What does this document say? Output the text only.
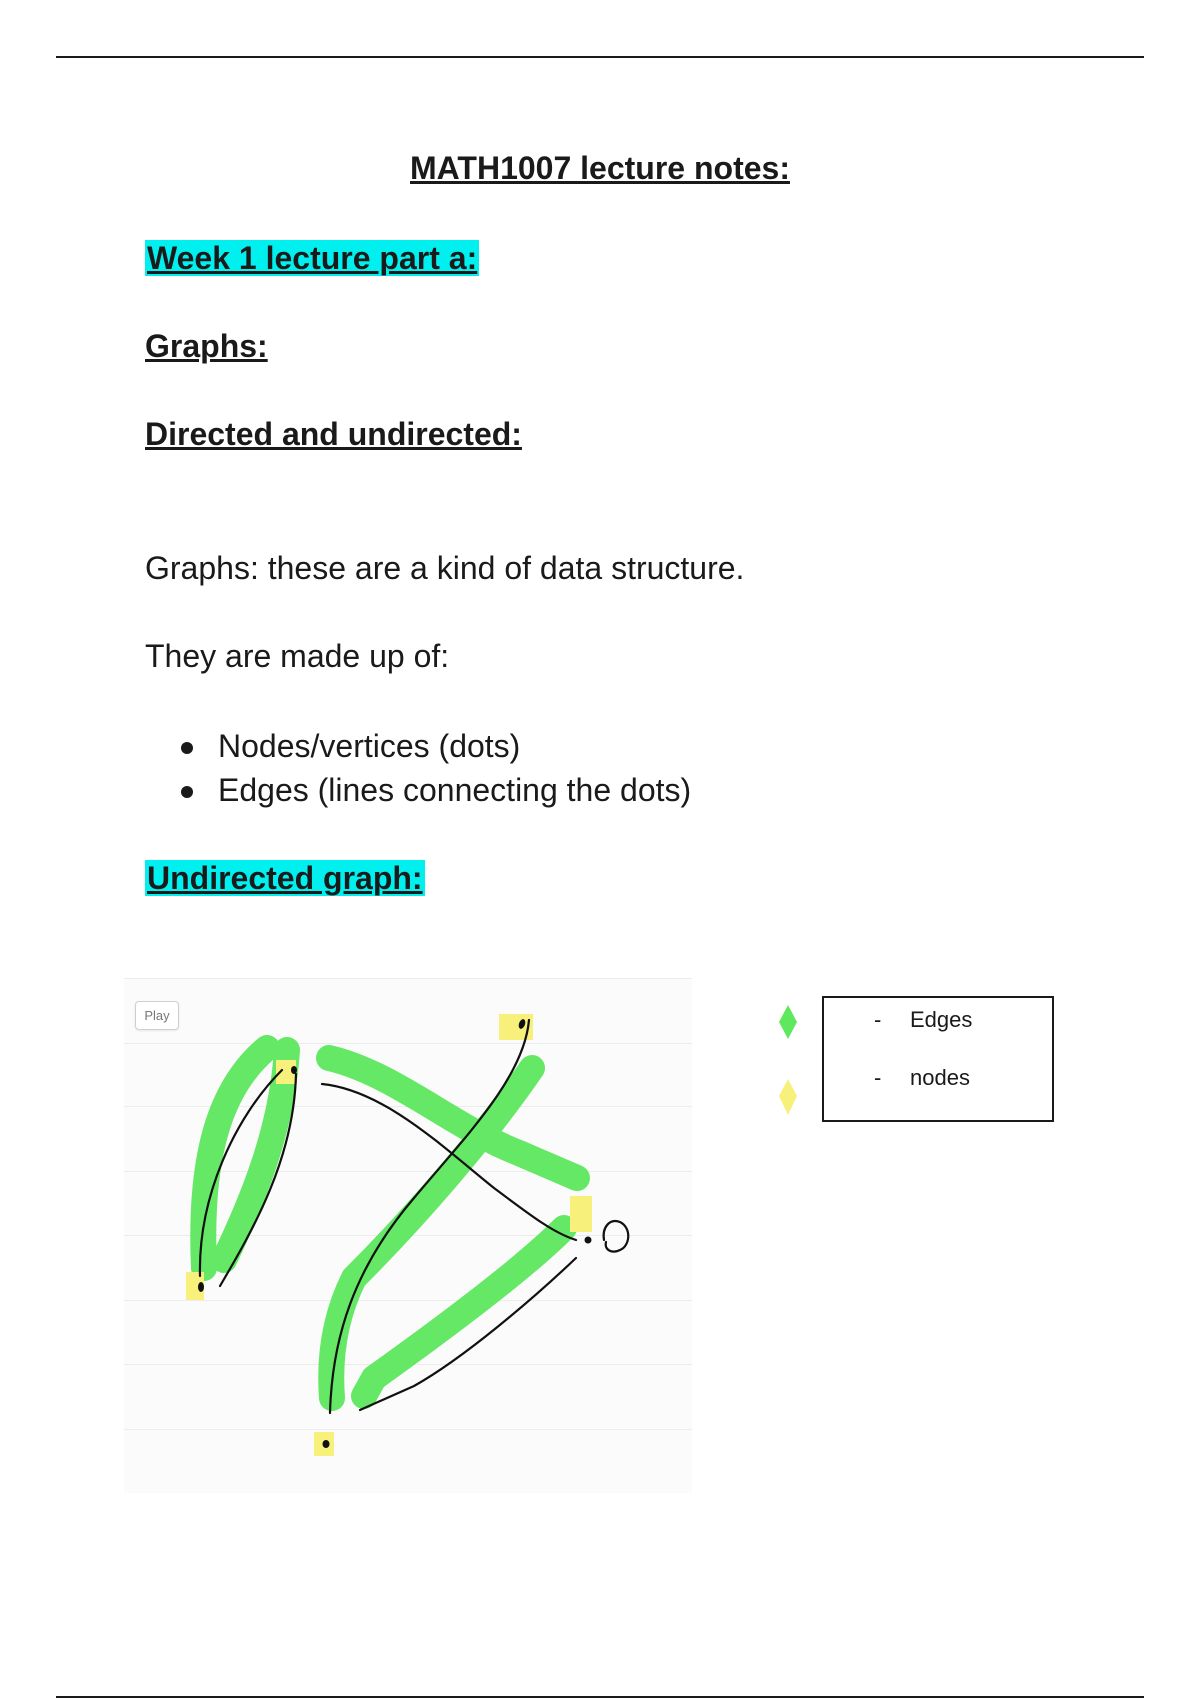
MATH1007 lecture notes:
Week 1 lecture part a:
Graphs:
Directed and undirected:
Graphs: these are a kind of data structure.
They are made up of:
Nodes/vertices (dots)
Edges (lines connecting the dots)
Undirected graph:
Play	- Edges
- nodes
